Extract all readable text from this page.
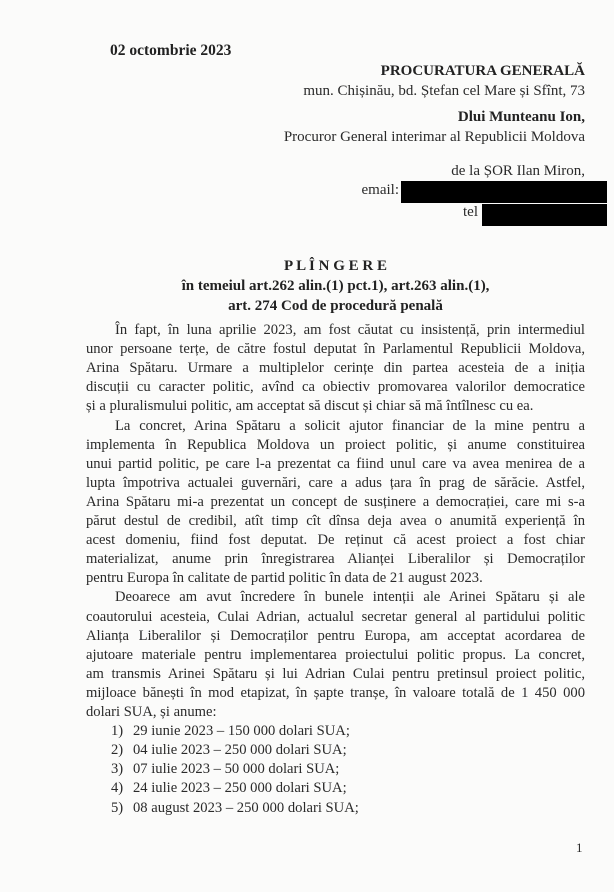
02 octombrie 2023
PROCURATURA GENERALĂ
mun. Chișinău, bd. Ștefan cel Mare și Sfînt, 73
Dlui Munteanu Ion,
Procuror General interimar al Republicii Moldova
de la ȘOR Ilan Miron,
email:
tel
P L Î N G E R E
în temeiul art.262 alin.(1) pct.1), art.263 alin.(1),
art. 274 Cod de procedură penală
În fapt, în luna aprilie 2023, am fost căutat cu insistență, prin intermediul
unor persoane terțe, de către fostul deputat în Parlamentul Republicii Moldova,
Arina Spătaru. Urmare a multiplelor cerințe din partea acesteia de a iniția
discuții cu caracter politic, avînd ca obiectiv promovarea valorilor democratice
și a pluralismului politic, am acceptat să discut și chiar să mă întîlnesc cu ea.
La concret, Arina Spătaru a solicit ajutor financiar de la mine pentru a
implementa în Republica Moldova un proiect politic, și anume constituirea
unui partid politic, pe care l-a prezentat ca fiind unul care va avea menirea de a
lupta împotriva actualei guvernări, care a adus țara în prag de sărăcie. Astfel,
Arina Spătaru mi-a prezentat un concept de susținere a democrației, care mi s-a
părut destul de credibil, atît timp cît dînsa deja avea o anumită experiență în
acest domeniu, fiind fost deputat. De reținut că acest proiect a fost chiar
materializat, anume prin înregistrarea Alianței Liberalilor și Democraților
pentru Europa în calitate de partid politic în data de 21 august 2023.
Deoarece am avut încredere în bunele intenții ale Arinei Spătaru și ale
coautorului acesteia, Culai Adrian, actualul secretar general al partidului politic
Alianța Liberalilor și Democraților pentru Europa, am acceptat acordarea de
ajutoare materiale pentru implementarea proiectului politic propus. La concret,
am transmis Arinei Spătaru și lui Adrian Culai pentru pretinsul proiect politic,
mijloace bănești în mod etapizat, în șapte tranșe, în valoare totală de 1 450 000
dolari SUA, și anume:
1) 29 iunie 2023 – 150 000 dolari SUA;
2) 04 iulie 2023 – 250 000 dolari SUA;
3) 07 iulie 2023 – 50 000 dolari SUA;
4) 24 iulie 2023 – 250 000 dolari SUA;
5) 08 august 2023 – 250 000 dolari SUA;
1
